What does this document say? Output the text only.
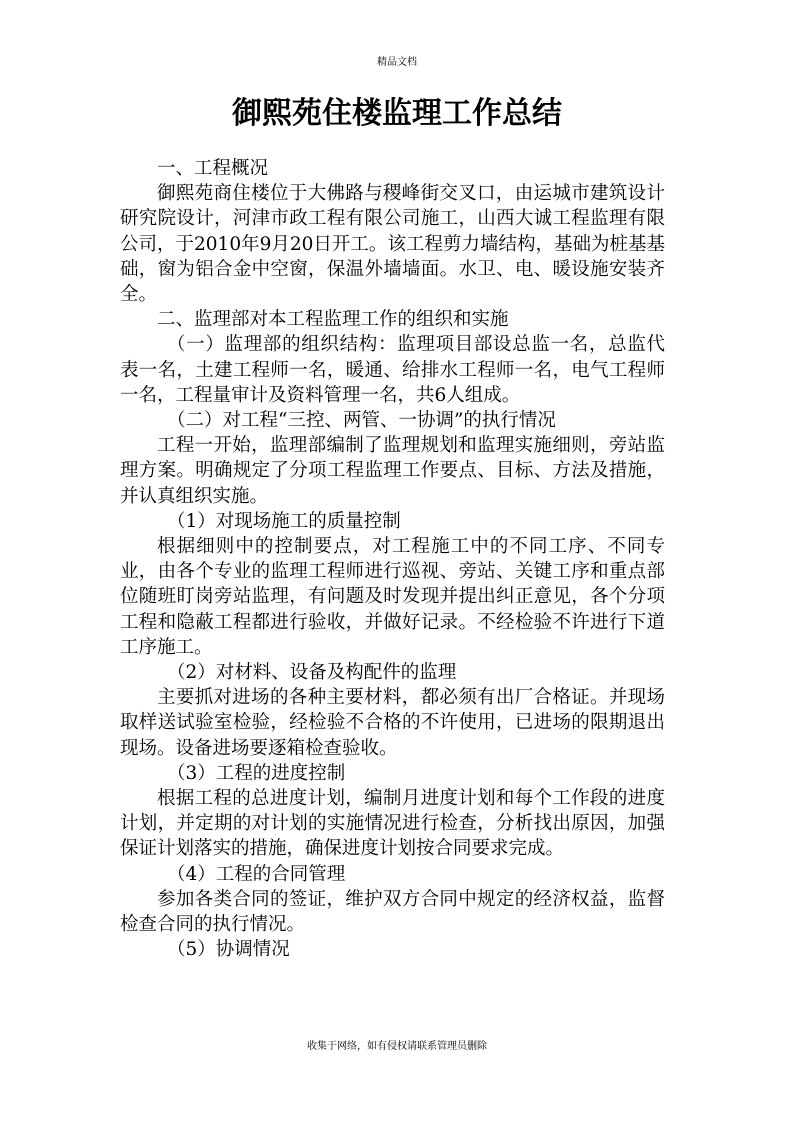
精品文档
御熙苑住楼监理工作总结

一、工程概况

御熙苑商住楼位于大佛路与稷峰街交叉口，由运城市建筑设计研究院设计，河津市政工程有限公司施工，山西大诚工程监理有限公司，于2010年9月20日开工。该工程剪力墙结构，基础为桩基基础，窗为铝合金中空窗，保温外墙墙面。水卫、电、暖设施安装齐全。

二、监理部对本工程监理工作的组织和实施

（一）监理部的组织结构：监理项目部设总监一名，总监代表一名，土建工程师一名，暖通、给排水工程师一名，电气工程师一名，工程量审计及资料管理一名，共6人组成。

（二）对工程“三控、两管、一协调”的执行情况

工程一开始，监理部编制了监理规划和监理实施细则，旁站监理方案。明确规定了分项工程监理工作要点、目标、方法及措施，并认真组织实施。

（1）对现场施工的质量控制

根据细则中的控制要点，对工程施工中的不同工序、不同专业，由各个专业的监理工程师进行巡视、旁站、关键工序和重点部位随班盯岗旁站监理，有问题及时发现并提出纠正意见，各个分项工程和隐蔽工程都进行验收，并做好记录。不经检验不许进行下道工序施工。

（2）对材料、设备及构配件的监理

主要抓对进场的各种主要材料，都必须有出厂合格证。并现场取样送试验室检验，经检验不合格的不许使用，已进场的限期退出现场。设备进场要逐箱检查验收。

（3）工程的进度控制

根据工程的总进度计划，编制月进度计划和每个工作段的进度计划，并定期的对计划的实施情况进行检查，分析找出原因，加强保证计划落实的措施，确保进度计划按合同要求完成。

（4）工程的合同管理

参加各类合同的签证，维护双方合同中规定的经济权益，监督检查合同的执行情况。

（5）协调情况

收集于网络，如有侵权请联系管理员删除
